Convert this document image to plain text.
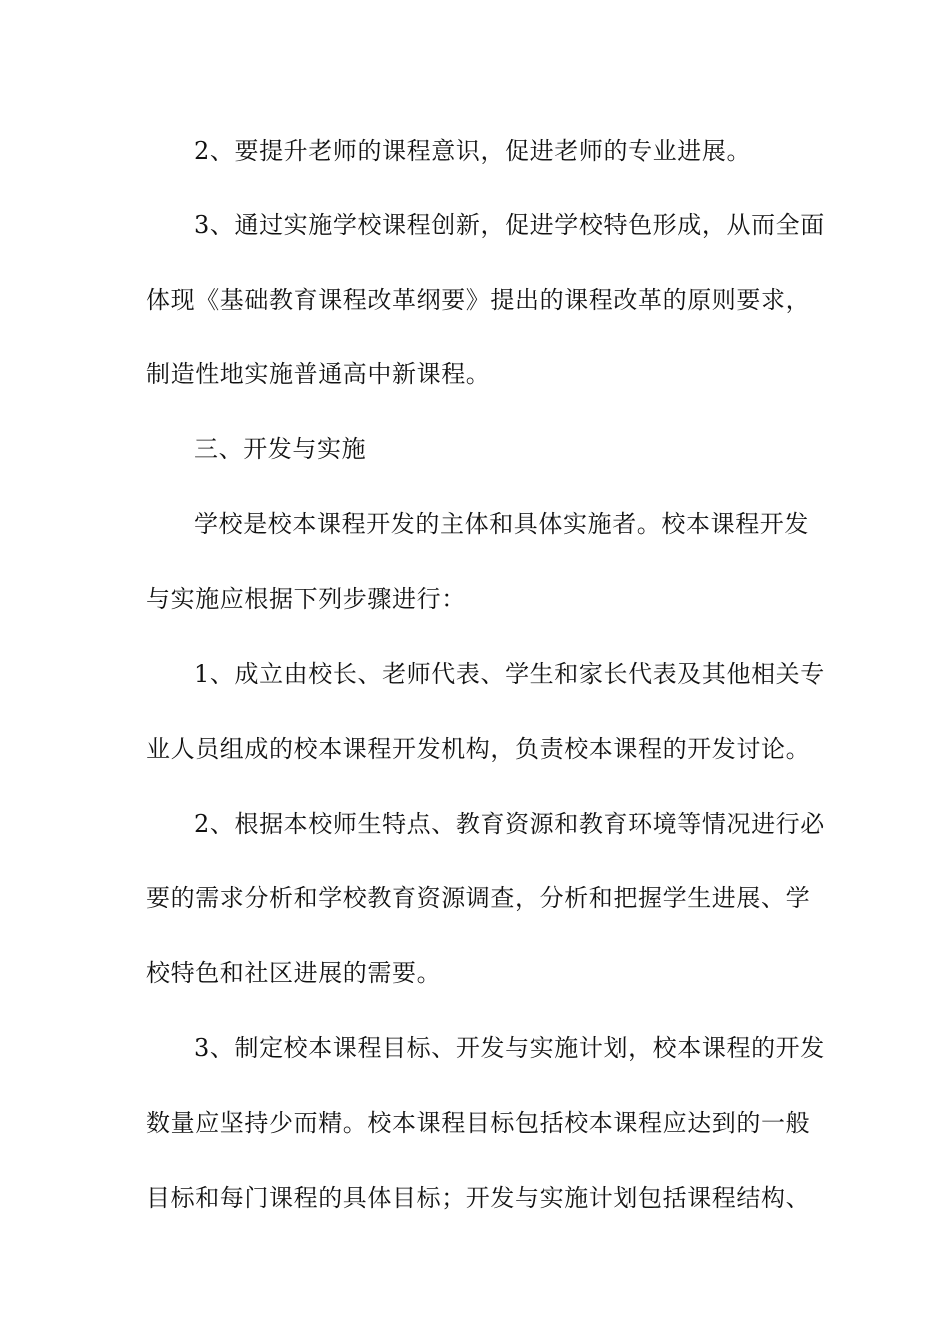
2、要提升老师的课程意识，促进老师的专业进展。
3、通过实施学校课程创新，促进学校特色形成，从而全面
体现《基础教育课程改革纲要》提出的课程改革的原则要求，
制造性地实施普通高中新课程。
三、开发与实施
学校是校本课程开发的主体和具体实施者。校本课程开发
与实施应根据下列步骤进行：
1、成立由校长、老师代表、学生和家长代表及其他相关专
业人员组成的校本课程开发机构，负责校本课程的开发讨论。
2、根据本校师生特点、教育资源和教育环境等情况进行必
要的需求分析和学校教育资源调查，分析和把握学生进展、学
校特色和社区进展的需要。
3、制定校本课程目标、开发与实施计划，校本课程的开发
数量应坚持少而精。校本课程目标包括校本课程应达到的一般
目标和每门课程的具体目标；开发与实施计划包括课程结构、
